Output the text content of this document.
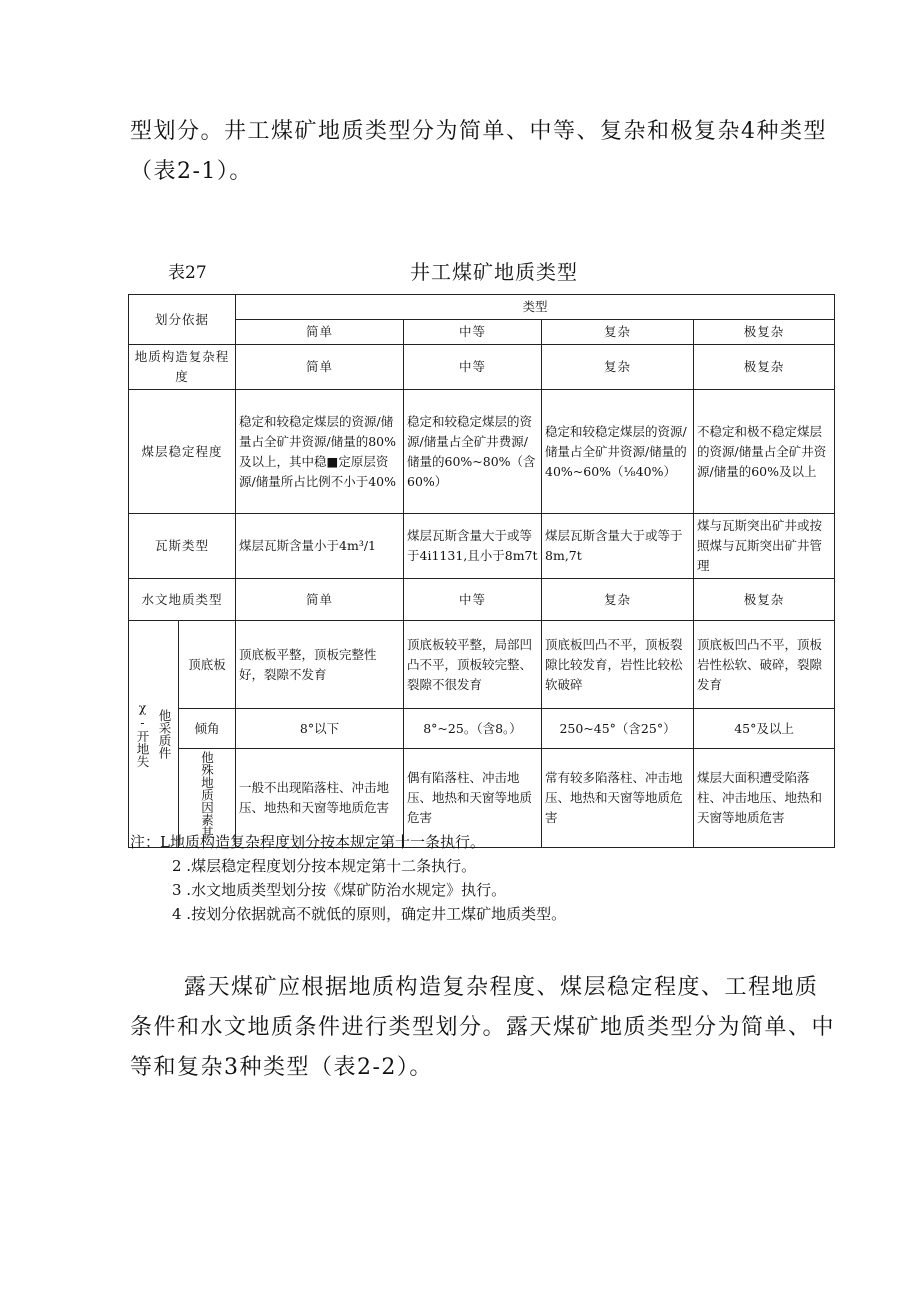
型划分。井工煤矿地质类型分为简单、中等、复杂和极复杂4种类型（表2-1）。

表27	井工煤矿地质类型
划分依据		类型			
		简单	中等	复杂	极复杂
地质构造复杂程度		简单	中等	复杂	极复杂
煤层稳定程度		稳定和较稳定煤层的资源/储量占全矿井资源/储量的80%及以上，其中稳■定原层资源/储量所占比例不小于40%	稳定和较稳定煤层的资源/储量占全矿井费源/储量的60%~80%（含60%）	稳定和较稳定煤层的资源/储量占全矿井资源/储量的40%~60%（⅛40%）	不稳定和极不稳定煤层的资源/储量占全矿井资源/储量的60%及以上
瓦斯类型		煤层瓦斯含量小于4m³/1	煤层瓦斯含量大于或等于4i1131,且小于8m7t	煤层瓦斯含量大于或等于8m,7t	煤与瓦斯突出矿井或按照煤与瓦斯突出矿井管理
水文地质类型		简单	中等	复杂	极复杂

χ-开地失 他采质件	顶底板	顶底板平整，顶板完整性好，裂隙不发育	顶底板较平整，局部凹凸不平，顶板较完整、裂隙不很发育	顶底板凹凸不平，顶板裂隙比较发育，岩性比较松软破碎	顶底板凹凸不平，顶板岩性松软、破碎，裂隙发育
	倾角	8°以下	8°~25。（含8。）	250~45°（含25°）	45°及以上
	他殊地质因素其	一般不出现陷落柱、冲击地压、地热和天窗等地质危害	偶有陷落柱、冲击地压、地热和天窗等地质危害	常有较多陷落柱、冲击地压、地热和天窗等地质危害	煤层大面积遭受陷落柱、冲击地压、地热和天窗等地质危害

注：L地质构造复杂程度划分按本规定第十一条执行。

2 .煤层稳定程度划分按本规定第十二条执行。

3 .水文地质类型划分按《煤矿防治水规定》执行。

4 .按划分依据就高不就低的原则，确定井工煤矿地质类型。

露天煤矿应根据地质构造复杂程度、煤层稳定程度、工程地质条件和水文地质条件进行类型划分。露天煤矿地质类型分为简单、中等和复杂3种类型（表2-2）。
